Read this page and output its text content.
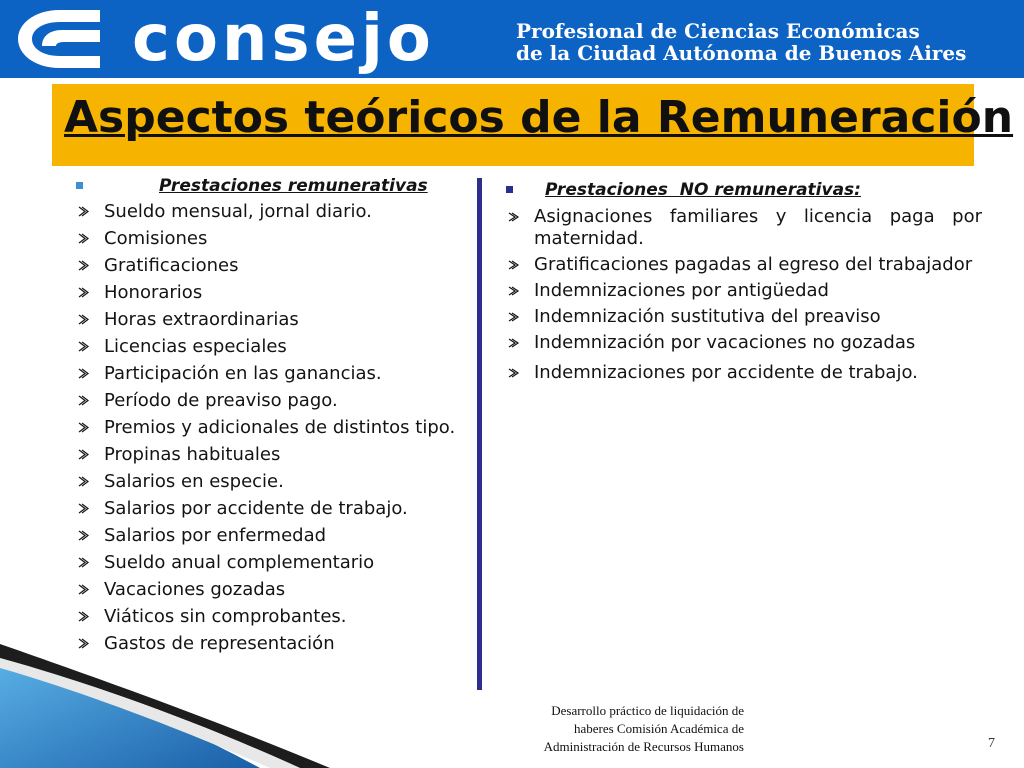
consejo	Profesional de Ciencias Económicas
de la Ciudad Autónoma de Buenos Aires
Aspectos teóricos de la Remuneración
Prestaciones remunerativas
Sueldo mensual, jornal diario.
Comisiones
Gratificaciones
Honorarios
Horas extraordinarias
Licencias especiales
Participación en las ganancias.
Período de preaviso pago.
Premios y adicionales de distintos tipo.
Propinas habituales
Salarios en especie.
Salarios por accidente de trabajo.
Salarios por enfermedad
Sueldo anual complementario
Vacaciones gozadas
Viáticos sin comprobantes.
Gastos de representación
Prestaciones  NO remunerativas:
Asignaciones familiares y licencia paga por maternidad.
Gratificaciones pagadas al egreso del trabajador
Indemnizaciones por antigüedad
Indemnización sustitutiva del preaviso
Indemnización por vacaciones no gozadas
Indemnizaciones por accidente de trabajo.
Desarrollo práctico de liquidación de
haberes Comisión Académica de
Administración de Recursos Humanos	7
